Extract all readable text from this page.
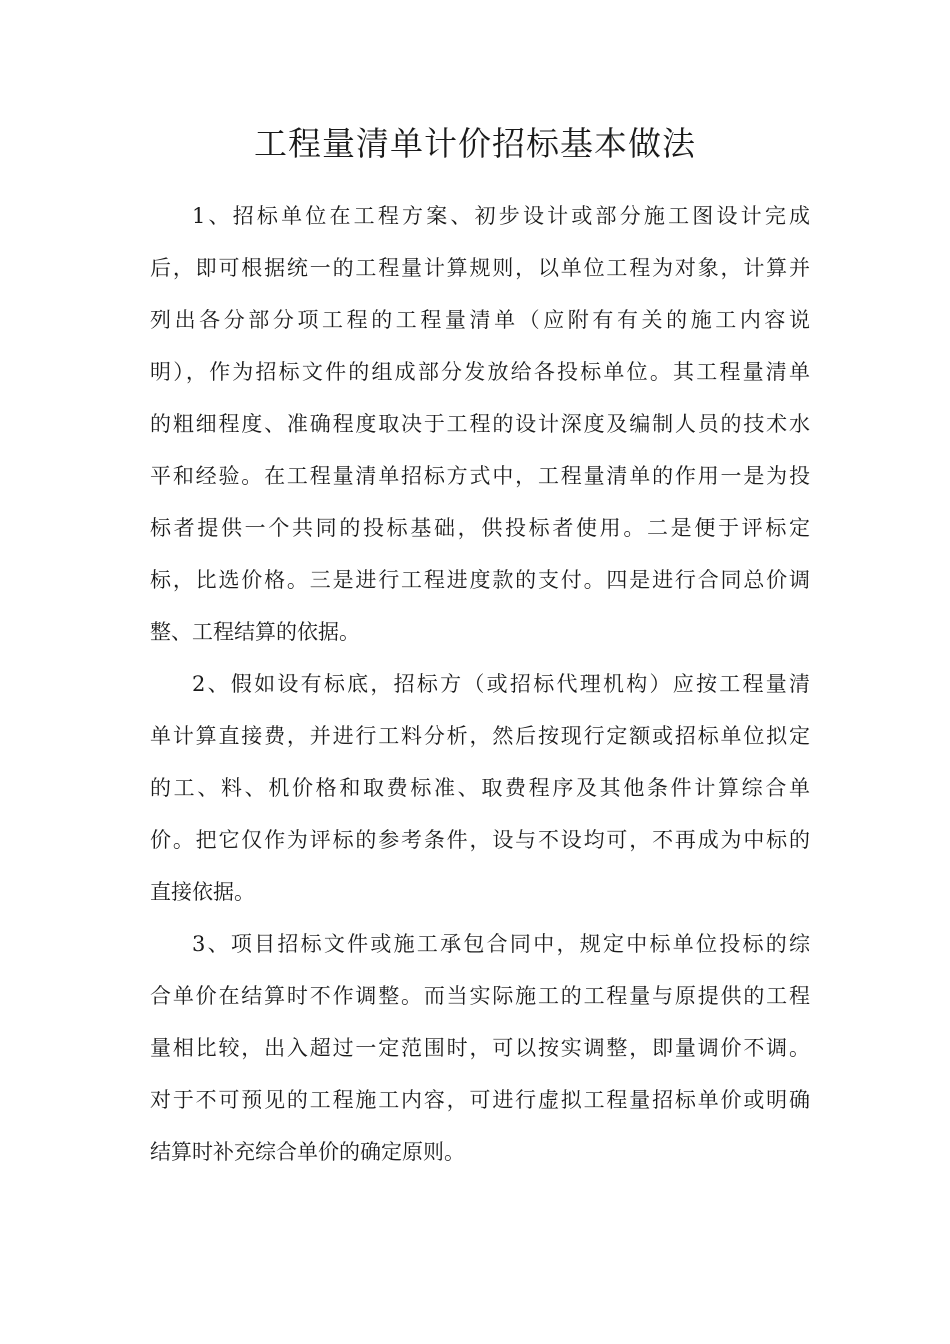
工程量清单计价招标基本做法
1、招标单位在工程方案、初步设计或部分施工图设计完成
后，即可根据统一的工程量计算规则，以单位工程为对象，计算并
列出各分部分项工程的工程量清单（应附有有关的施工内容说
明），作为招标文件的组成部分发放给各投标单位。其工程量清单
的粗细程度、准确程度取决于工程的设计深度及编制人员的技术水
平和经验。在工程量清单招标方式中，工程量清单的作用一是为投
标者提供一个共同的投标基础，供投标者使用。二是便于评标定
标，比选价格。三是进行工程进度款的支付。四是进行合同总价调
整、工程结算的依据。
2、假如设有标底，招标方（或招标代理机构）应按工程量清
单计算直接费，并进行工料分析，然后按现行定额或招标单位拟定
的工、料、机价格和取费标准、取费程序及其他条件计算综合单
价。把它仅作为评标的参考条件，设与不设均可，不再成为中标的
直接依据。
3、项目招标文件或施工承包合同中，规定中标单位投标的综
合单价在结算时不作调整。而当实际施工的工程量与原提供的工程
量相比较，出入超过一定范围时，可以按实调整，即量调价不调。
对于不可预见的工程施工内容，可进行虚拟工程量招标单价或明确
结算时补充综合单价的确定原则。
